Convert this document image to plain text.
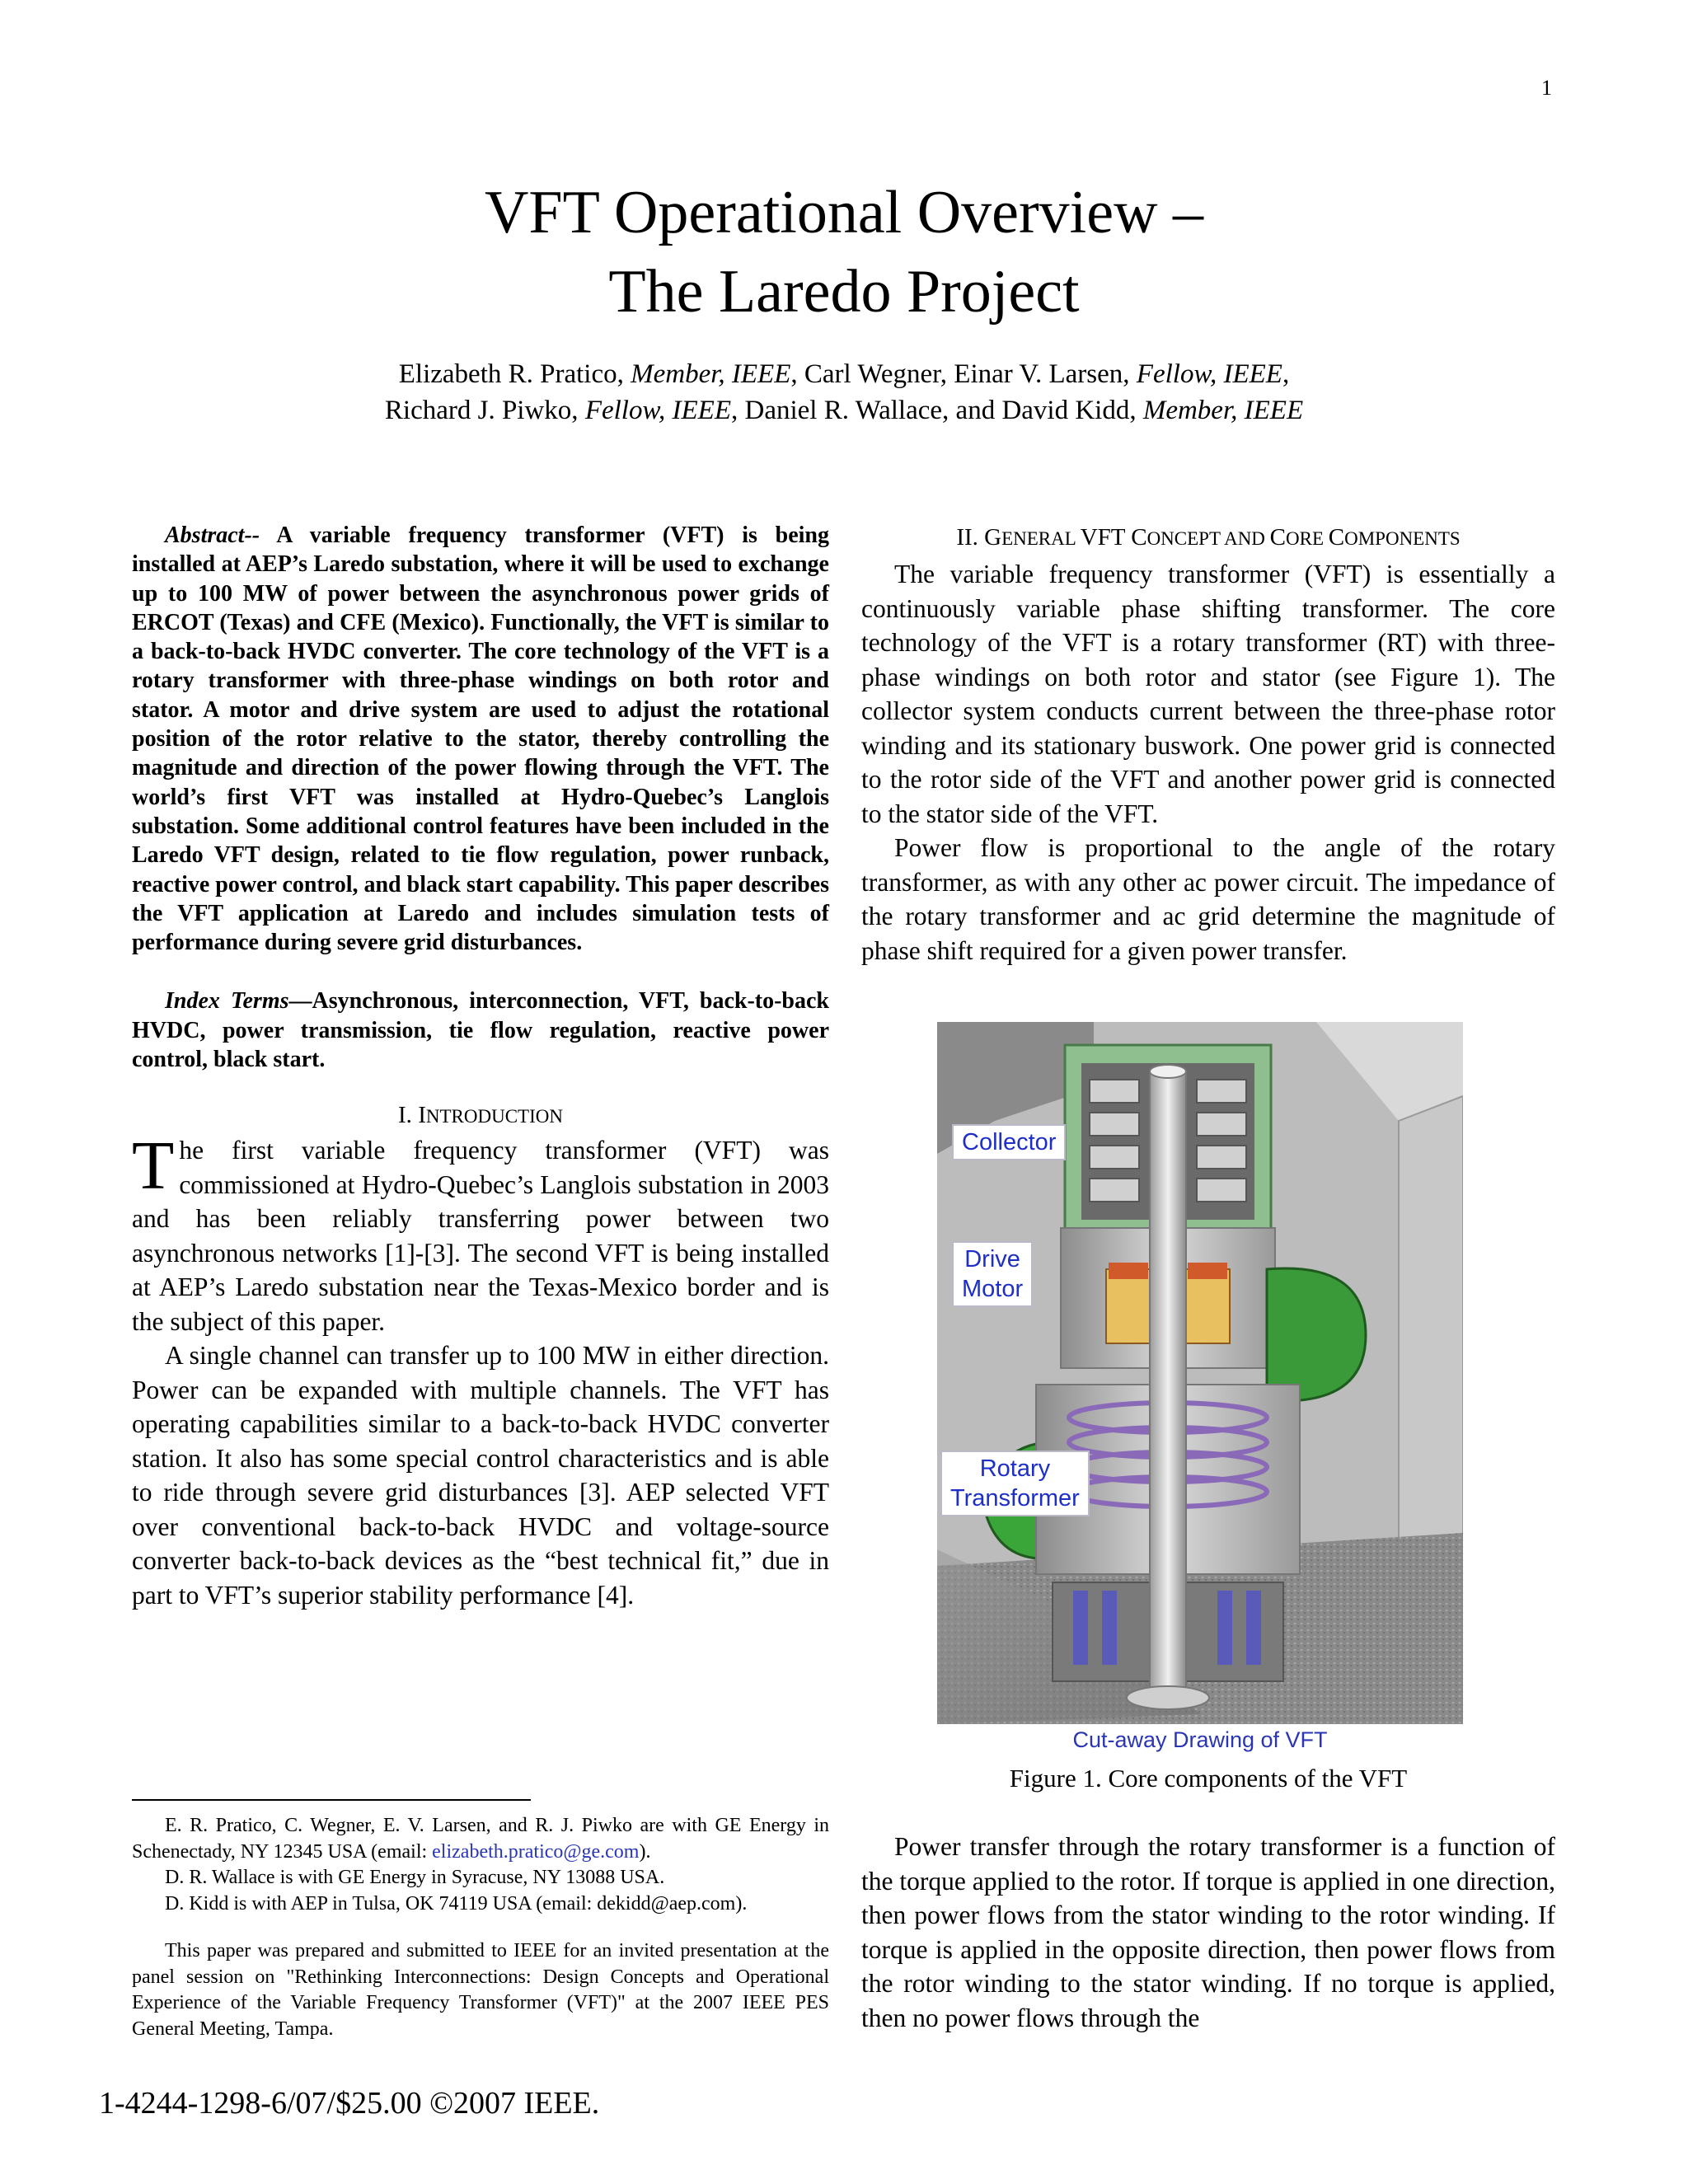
1
VFT Operational Overview –
The Laredo Project
Elizabeth R. Pratico, Member, IEEE, Carl Wegner, Einar V. Larsen, Fellow, IEEE,
Richard J. Piwko, Fellow, IEEE, Daniel R. Wallace, and David Kidd, Member, IEEE

Abstract-- A variable frequency transformer (VFT) is being installed at AEP’s Laredo substation, where it will be used to exchange up to 100 MW of power between the asynchronous power grids of ERCOT (Texas) and CFE (Mexico). Functionally, the VFT is similar to a back-to-back HVDC converter. The core technology of the VFT is a rotary transformer with three-phase windings on both rotor and stator. A motor and drive system are used to adjust the rotational position of the rotor relative to the stator, thereby controlling the magnitude and direction of the power flowing through the VFT. The world’s first VFT was installed at Hydro-Quebec’s Langlois substation. Some additional control features have been included in the Laredo VFT design, related to tie flow regulation, power runback, reactive power control, and black start capability. This paper describes the VFT application at Laredo and includes simulation tests of performance during severe grid disturbances.

Index Terms—Asynchronous, interconnection, VFT, back-to-back HVDC, power transmission, tie flow regulation, reactive power control, black start.

I. INTRODUCTION

The first variable frequency transformer (VFT) was commissioned at Hydro-Quebec’s Langlois substation in 2003 and has been reliably transferring power between two asynchronous networks [1]-[3]. The second VFT is being installed at AEP’s Laredo substation near the Texas-Mexico border and is the subject of this paper.

A single channel can transfer up to 100 MW in either direction. Power can be expanded with multiple channels. The VFT has operating capabilities similar to a back-to-back HVDC converter station. It also has some special control characteristics and is able to ride through severe grid disturbances [3]. AEP selected VFT over conventional back-to-back HVDC and voltage-source converter back-to-back devices as the “best technical fit,” due in part to VFT’s superior stability performance [4].

II. GENERAL VFT CONCEPT AND CORE COMPONENTS

The variable frequency transformer (VFT) is essentially a continuously variable phase shifting transformer. The core technology of the VFT is a rotary transformer (RT) with three-phase windings on both rotor and stator (see Figure 1). The collector system conducts current between the three-phase rotor winding and its stationary buswork. One power grid is connected to the rotor side of the VFT and another power grid is connected to the stator side of the VFT.

Power flow is proportional to the angle of the rotary transformer, as with any other ac power circuit. The impedance of the rotary transformer and ac grid determine the magnitude of phase shift required for a given power transfer.

Collector
Drive
Motor
Rotary
Transformer
Cut-away Drawing of VFT
Figure 1. Core components of the VFT

E. R. Pratico, C. Wegner, E. V. Larsen, and R. J. Piwko are with GE Energy in Schenectady, NY 12345 USA (email: elizabeth.pratico@ge.com).

D. R. Wallace is with GE Energy in Syracuse, NY 13088 USA.

D. Kidd is with AEP in Tulsa, OK 74119 USA (email: dekidd@aep.com).

This paper was prepared and submitted to IEEE for an invited presentation at the panel session on "Rethinking Interconnections: Design Concepts and Operational Experience of the Variable Frequency Transformer (VFT)" at the 2007 IEEE PES General Meeting, Tampa.

Power transfer through the rotary transformer is a function of the torque applied to the rotor. If torque is applied in one direction, then power flows from the stator winding to the rotor winding. If torque is applied in the opposite direction, then power flows from the rotor winding to the stator winding. If no torque is applied, then no power flows through the

1-4244-1298-6/07/$25.00 ©2007 IEEE.
